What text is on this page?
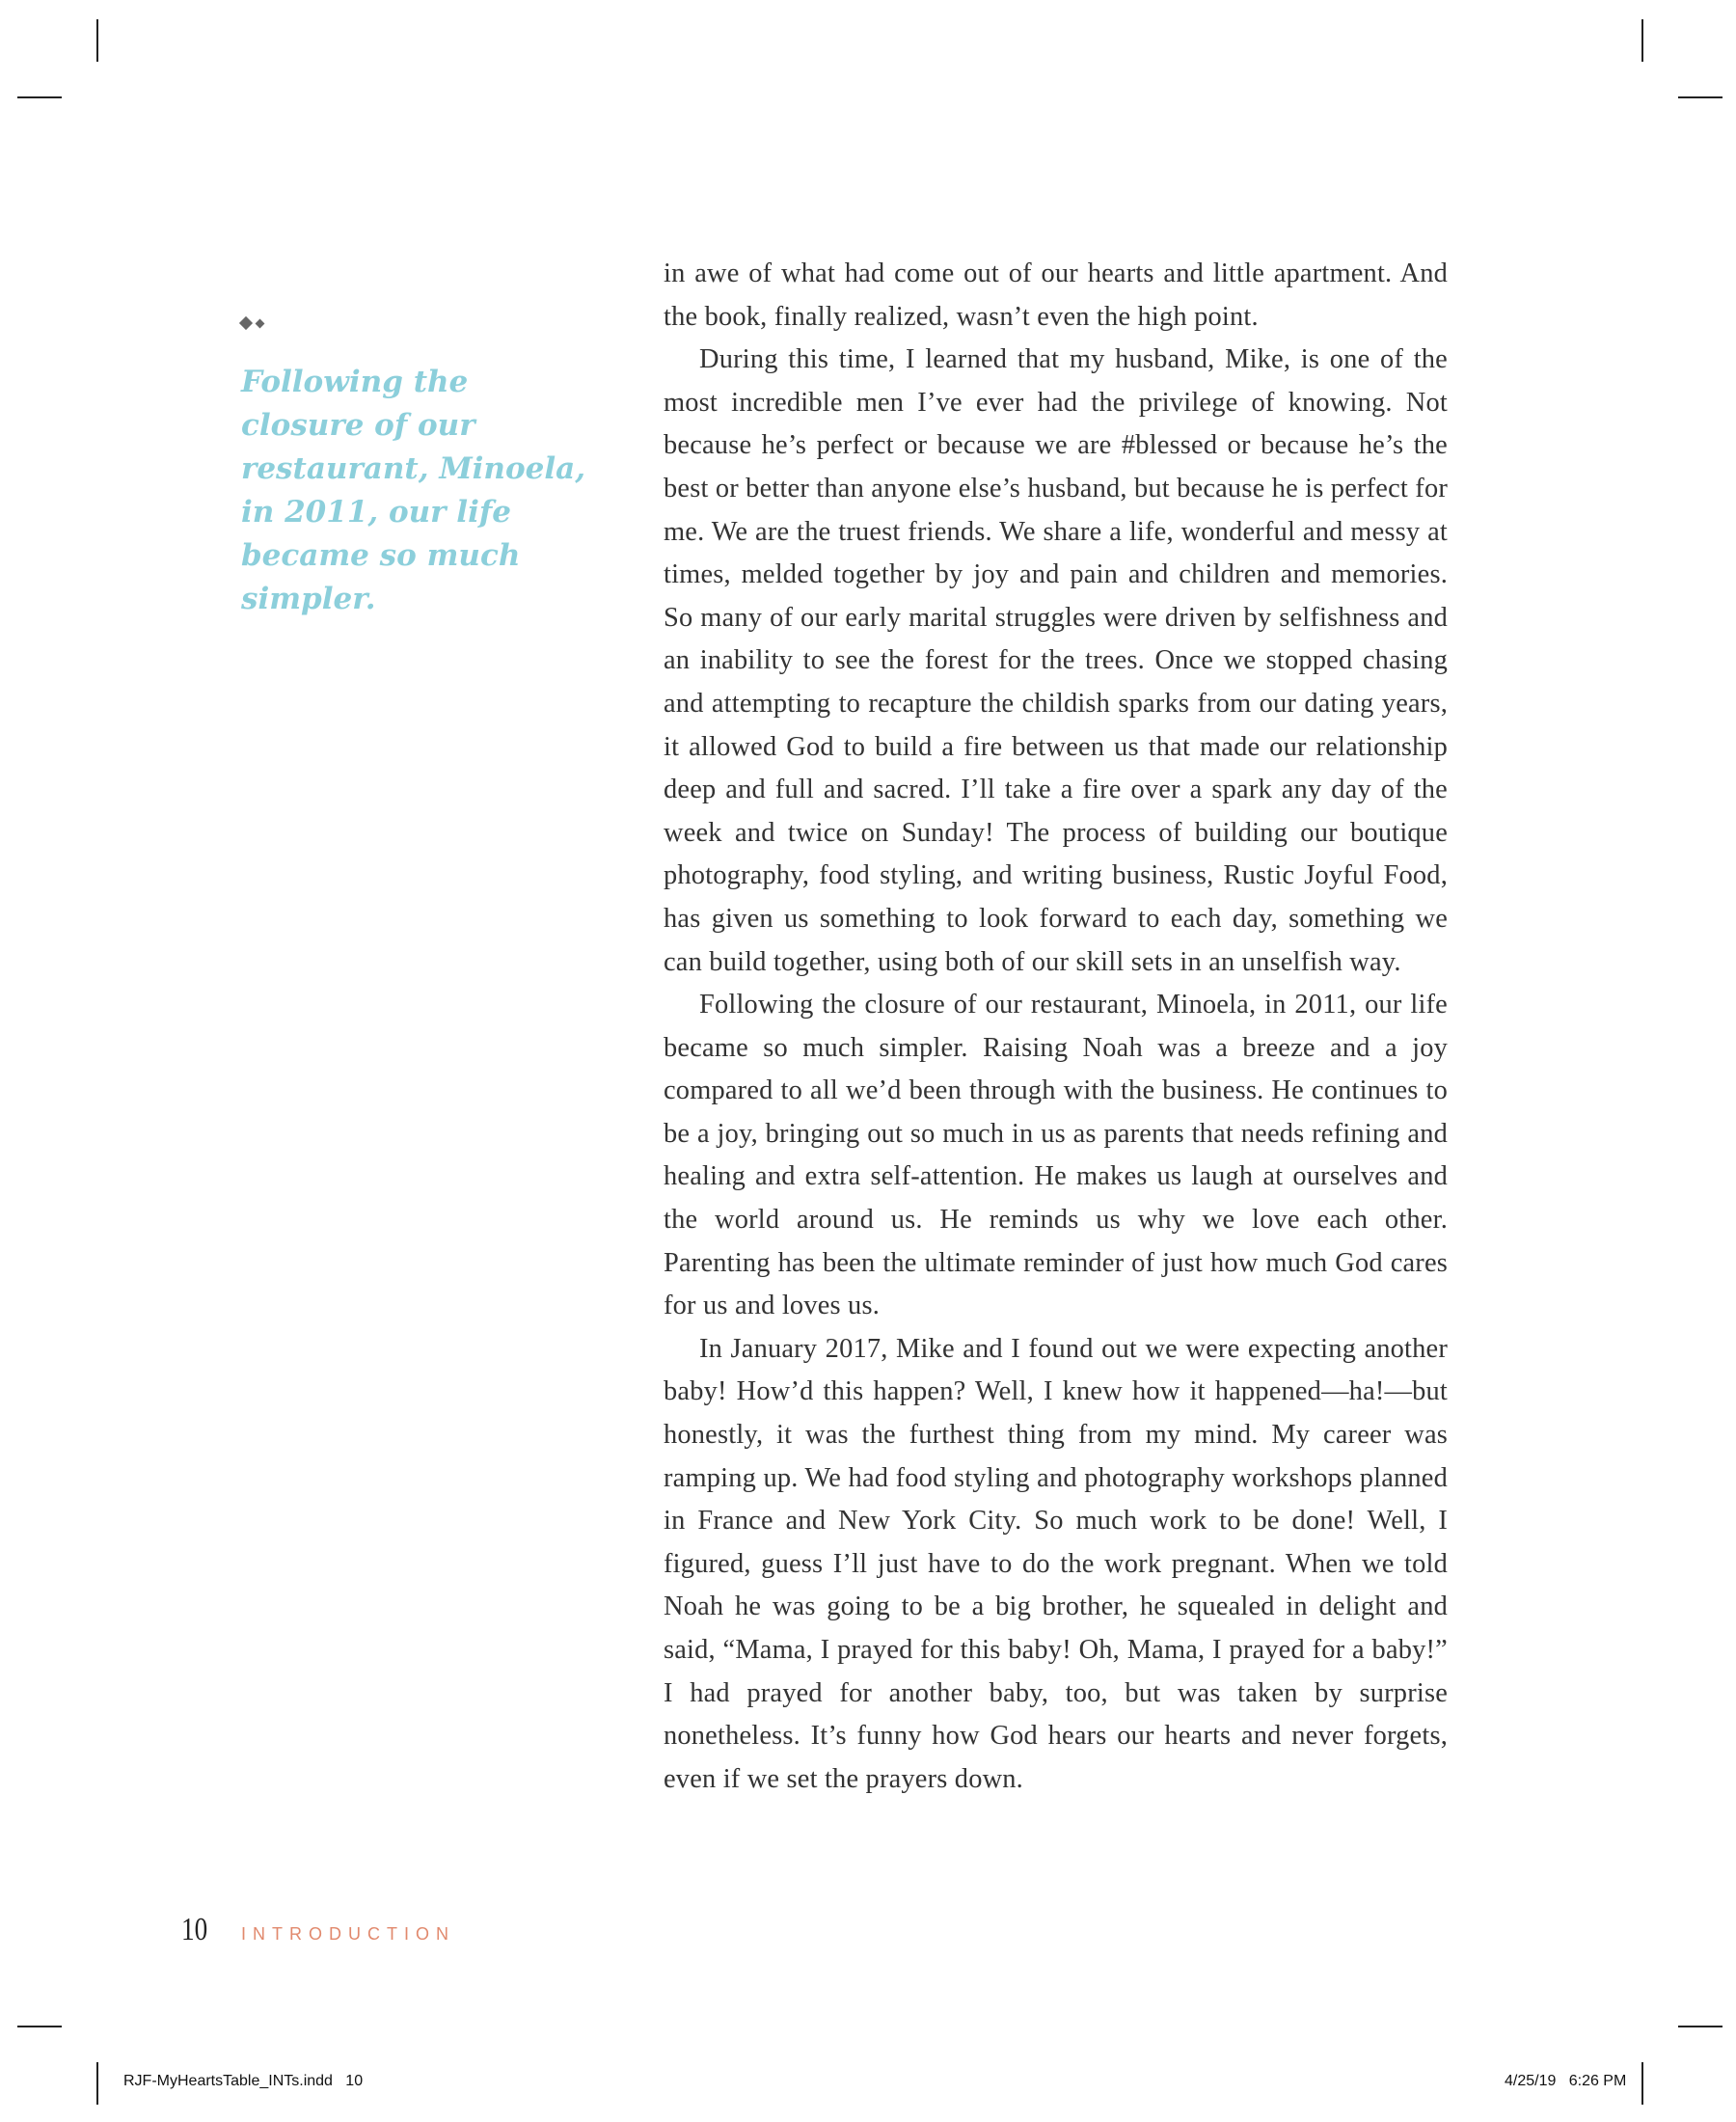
Following the closure of our restaurant, Minoela, in 2011, our life became so much simpler.

in awe of what had come out of our hearts and little apartment. And the book, finally realized, wasn’t even the high point.

During this time, I learned that my husband, Mike, is one of the most incredible men I’ve ever had the privilege of knowing. Not because he’s perfect or because we are #blessed or because he’s the best or better than anyone else’s husband, but because he is perfect for me. We are the truest friends. We share a life, wonderful and messy at times, melded together by joy and pain and children and memories. So many of our early marital struggles were driven by selfishness and an inability to see the forest for the trees. Once we stopped chasing and attempting to recapture the childish sparks from our dating years, it allowed God to build a fire between us that made our relationship deep and full and sacred. I’ll take a fire over a spark any day of the week and twice on Sunday! The process of building our boutique photography, food styling, and writing business, Rustic Joyful Food, has given us something to look forward to each day, something we can build together, using both of our skill sets in an unselfish way.

Following the closure of our restaurant, Minoela, in 2011, our life became so much simpler. Raising Noah was a breeze and a joy compared to all we’d been through with the business. He continues to be a joy, bringing out so much in us as parents that needs refining and healing and extra self-attention. He makes us laugh at ourselves and the world around us. He reminds us why we love each other. Parenting has been the ultimate reminder of just how much God cares for us and loves us.

In January 2017, Mike and I found out we were expecting another baby! How’d this happen? Well, I knew how it happened—ha!—but honestly, it was the furthest thing from my mind. My career was ramping up. We had food styling and photography workshops planned in France and New York City. So much work to be done! Well, I figured, guess I’ll just have to do the work pregnant. When we told Noah he was going to be a big brother, he squealed in delight and said, “Mama, I prayed for this baby! Oh, Mama, I prayed for a baby!” I had prayed for another baby, too, but was taken by surprise nonetheless. It’s funny how God hears our hearts and never forgets, even if we set the prayers down.

10 INTRODUCTION
RJF-MyHeartsTable_INTs.indd   10	4/25/19   6:26 PM
